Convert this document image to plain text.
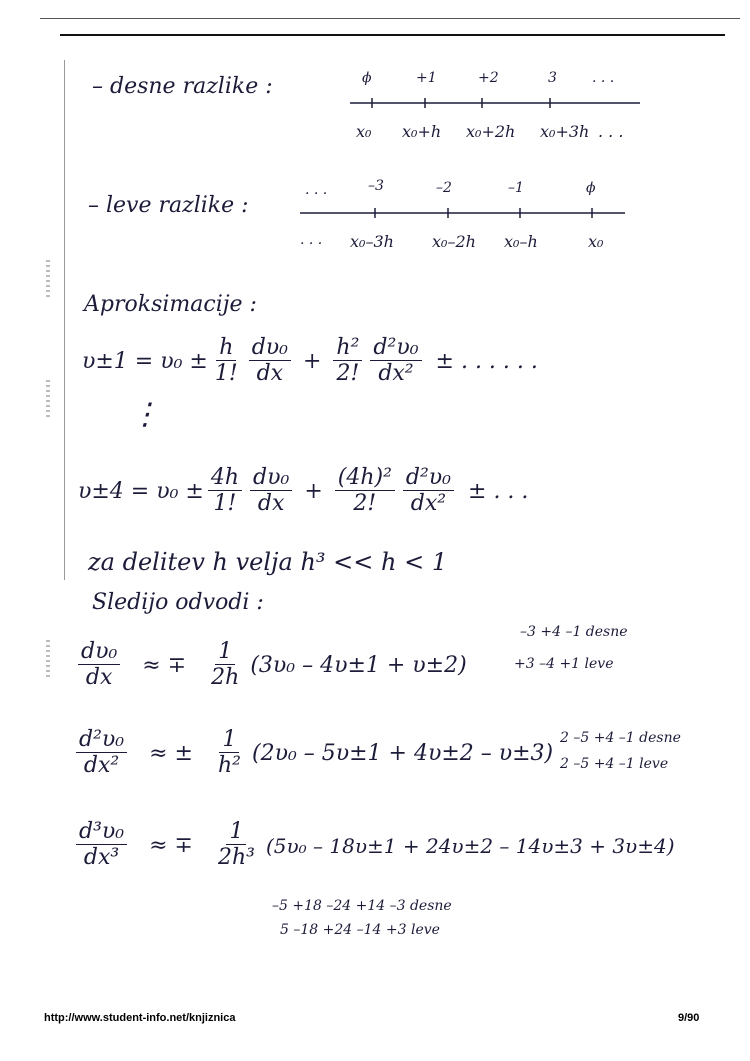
– desne razlike :	ϕ	+1	+2	3	. . .
x₀ x₀+h x₀+2h x₀+3h . . .
– leve razlike :
. . .	–3	–2	–1	ϕ
. . . x₀–3h x₀–2h x₀–h	x₀
Aproksimacije :
$\upsilon\pm 1 = \upsilon_0 \pm \frac{h}{1!} \frac{\text{dυ₀}}{dx} + \frac{\text{h²}}{2!} \frac{\text{d²υ₀}}{\text{dx²}}$ ± . . . . . .
⋮
$\upsilon\pm 4 = \upsilon_0 \pm \frac{4h}{1!} \frac{\text{dυ₀}}{dx} + \frac{\text{(4h)²}}{2!} \frac{\text{d²υ₀}}{\text{dx²}}$ ± . . .
za delitev h velja h³ << h < 1
Sledijo odvodi :
$\frac{\text{dυ₀}}{dx}$ ≈ ∓ $\frac{1}{2h} (3\upsilon_0 - 4\upsilon\pm 1 + \upsilon\pm 2)$
–3 +4 –1 desne
+3 –4 +1 leve
$\frac{\text{d²υ₀}}{\text{dx²}}$ ≈ ± $\frac{1}{\text{h²}} (2\upsilon_0 - 5\upsilon\pm 1 + 4\upsilon\pm 2 - \upsilon\pm 3)$
2 –5 +4 –1 desne
2 –5 +4 –1 leve
$\frac{\text{d³υ₀}}{\text{dx³}}$ ≈ ∓ $\frac{1}{\text{2h³}} (5\upsilon_0 - 18\upsilon\pm 1 + 24\upsilon\pm 2 - 14\upsilon\pm 3 + 3\upsilon\pm 4)$
–5 +18 –24 +14 –3 desne
5 –18 +24 –14 +3 leve
http://www.student-info.net/knjiznica	9/90
